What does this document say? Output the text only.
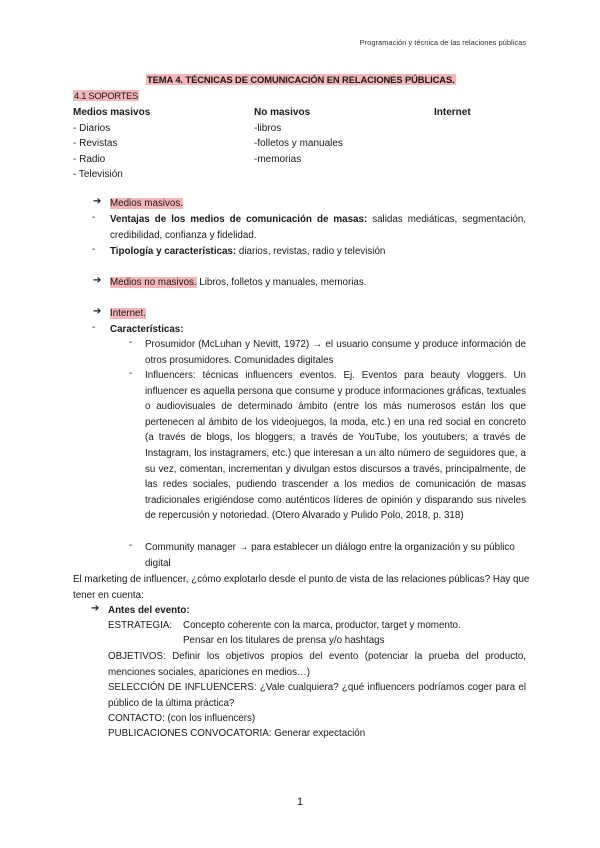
Programación y técnica de las relaciones públicas
TEMA 4. TÉCNICAS DE COMUNICACIÓN EN RELACIONES PÚBLICAS.
4.1 SOPORTES
Medios masivos
- Diarios
- Revistas
- Radio
- Televisión
No masivos
-libros
-folletos y manuales
-memorias
Internet
➔ Medios masivos.
- Ventajas de los medios de comunicación de masas: salidas mediáticas, segmentación, credibilidad, confianza y fidelidad.
- Tipología y características: diarios, revistas, radio y televisión
➔ Medios no masivos. Libros, folletos y manuales, memorias.
➔ Internet.
- Características:
- Prosumidor (McLuhan y Nevitt, 1972) → el usuario consume y produce información de otros prosumidores. Comunidades digitales
- Influencers: técnicas influencers eventos. Ej. Eventos para beauty vloggers. Un influencer es aquella persona que consume y produce informaciones gráficas, textuales o audiovisuales de determinado ámbito (entre los más numerosos están los que pertenecen al ámbito de los videojuegos, la moda, etc.) en una red social en concreto (a través de blogs, los bloggers; a través de YouTube, los youtubers; a través de Instagram, los instagramers, etc.) que interesan a un alto número de seguidores que, a su vez, comentan, incrementan y divulgan estos discursos a través, principalmente, de las redes sociales, pudiendo trascender a los medios de comunicación de masas tradicionales erigiéndose como auténticos líderes de opinión y disparando sus niveles de repercusión y notoriedad. (Otero Alvarado y Pulido Polo, 2018, p. 318)
- Community manager → para establecer un diálogo entre la organización y su público digital
El marketing de influencer, ¿cómo explotarlo desde el punto de vista de las relaciones públicas? Hay que tener en cuenta:
➔ Antes del evento:
ESTRATEGIA: Concepto coherente con la marca, productor, target y momento.
Pensar en los titulares de prensa y/o hashtags
OBJETIVOS: Definir los objetivos propios del evento (potenciar la prueba del producto, menciones sociales, apariciones en medios…)
SELECCIÓN DE INFLUENCERS: ¿Vale cualquiera? ¿qué influencers podríamos coger para el público de la última práctica?
CONTACTO: (con los influencers)
PUBLICACIONES CONVOCATORIA: Generar expectación
1
